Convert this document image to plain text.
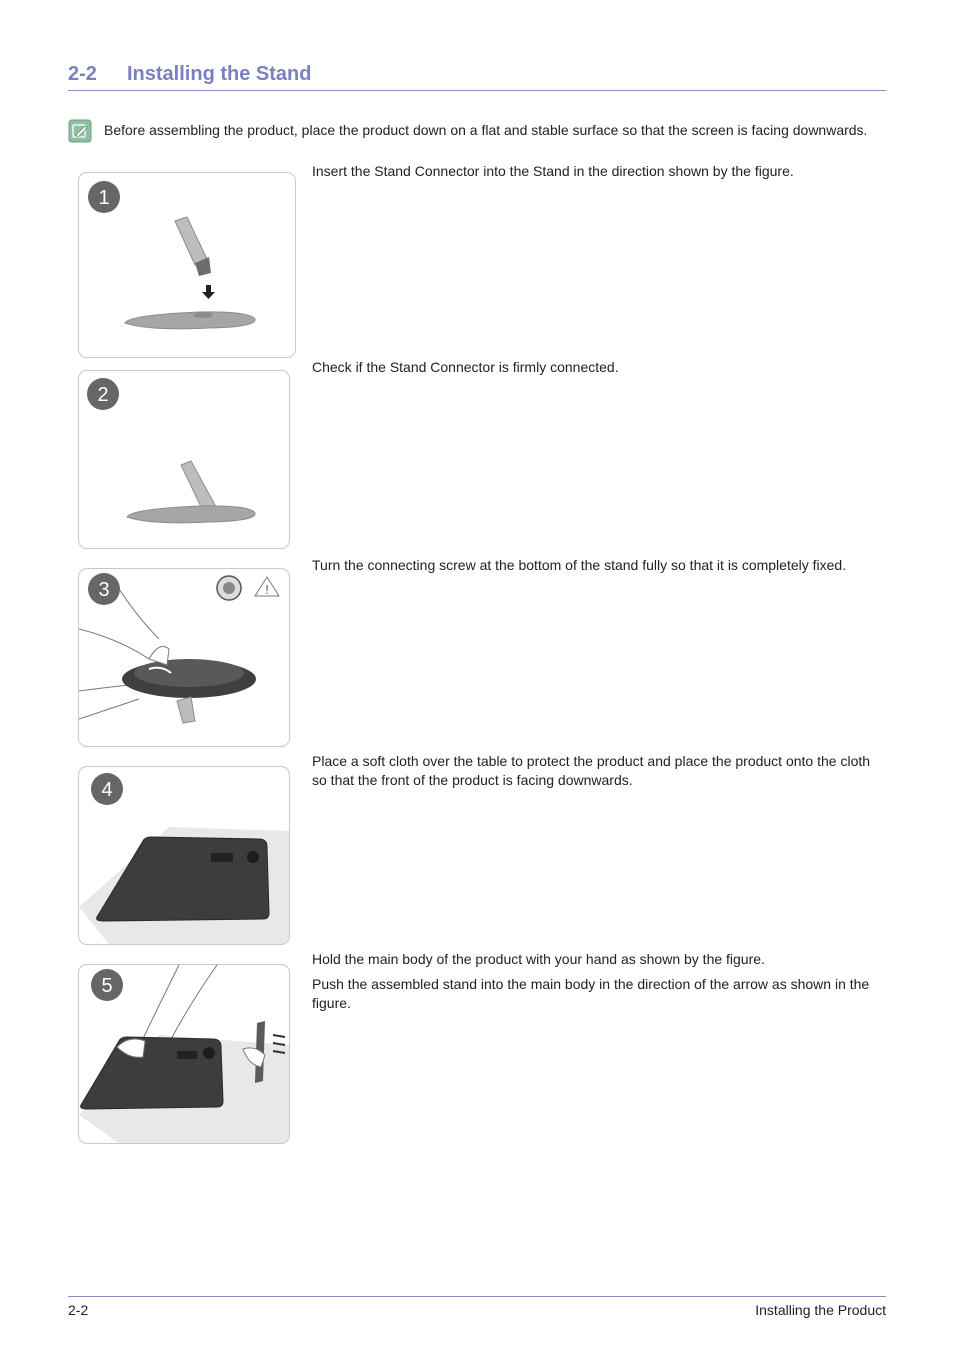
2-2 Installing the Stand
Before assembling the product, place the product down on a flat and stable surface so that the screen is facing downwards.
1

Insert the Stand Connector into the Stand in the direction shown by the figure.

2

Check if the Stand Connector is firmly connected.

3	!

Turn the connecting screw at the bottom of the stand fully so that it is completely fixed.

4

Place a soft cloth over the table to protect the product and place the product onto the cloth so that the front of the product is facing downwards.

5

Hold the main body of the product with your hand as shown by the figure.

Push the assembled stand into the main body in the direction of the arrow as shown in the figure.

2-2	Installing the Product
